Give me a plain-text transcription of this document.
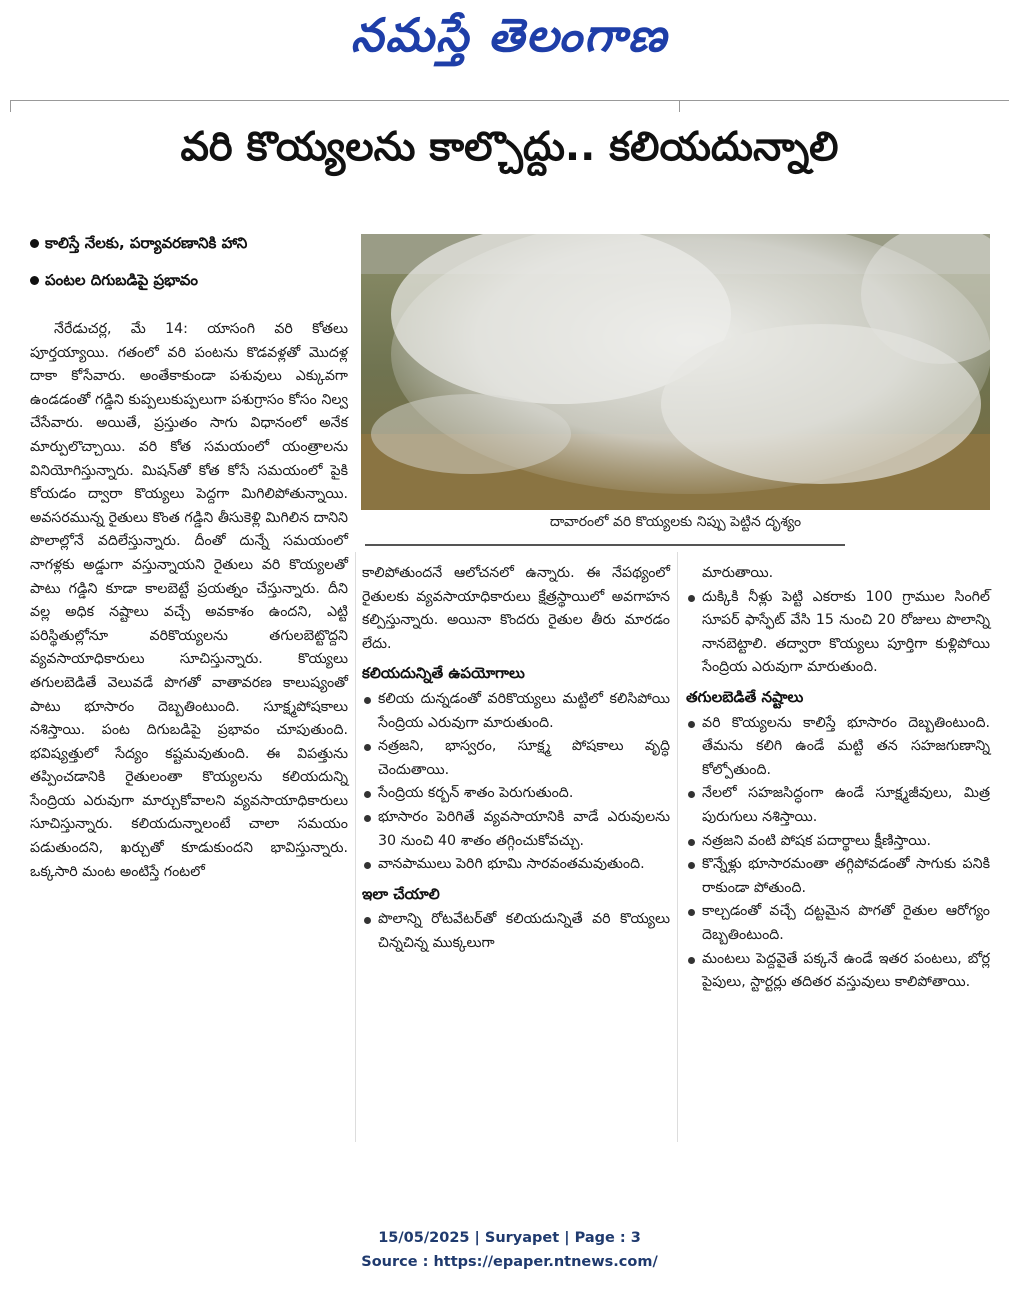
నమస్తే తెలంగాణ
వరి కొయ్యలను కాల్చొద్దు.. కలియదున్నాలి
కాలిస్తే నేలకు, పర్యావరణానికి హాని
పంటల దిగుబడిపై ప్రభావం
దావారంలో వరి కొయ్యలకు నిప్పు పెట్టిన దృశ్యం

నేరేడుచర్ల, మే 14: యాసంగి వరి కోతలు పూర్తయ్యాయి. గతంలో వరి పంటను కొడవళ్లతో మొదళ్ల దాకా కోసేవారు. అంతేకాకుండా పశువులు ఎక్కువగా ఉండడంతో గడ్డిని కుప్పలుకుప్పలుగా పశుగ్రాసం కోసం నిల్వ చేసేవారు. అయితే, ప్రస్తుతం సాగు విధానంలో అనేక మార్పులొచ్చాయి. వరి కోత సమయంలో యంత్రాలను వినియోగిస్తున్నారు. మిషన్‌తో కోత కోసే సమయంలో పైకి కోయడం ద్వారా కొయ్యలు పెద్దగా మిగిలిపోతున్నాయి. అవసరమున్న రైతులు కొంత గడ్డిని తీసుకెళ్లి మిగిలిన దానిని పొలాల్లోనే వదిలేస్తున్నారు. దీంతో దున్నే సమయంలో నాగళ్లకు అడ్డుగా వస్తున్నాయని రైతులు వరి కొయ్యలతో పాటు గడ్డిని కూడా కాలబెట్టే ప్రయత్నం చేస్తున్నారు. దీని వల్ల అధిక నష్టాలు వచ్చే అవకాశం ఉందని, ఎట్టి పరిస్థితుల్లోనూ వరికొయ్యలను తగులబెట్టొద్దని వ్యవసాయాధికారులు సూచిస్తున్నారు. కొయ్యలు తగులబెడితే వెలువడే పొగతో వాతావరణ కాలుష్యంతో పాటు భూసారం దెబ్బతింటుంది. సూక్ష్మపోషకాలు నశిస్తాయి. పంట దిగుబడిపై ప్రభావం చూపుతుంది. భవిష్యత్తులో సేద్యం కష్టమవుతుంది. ఈ విపత్తును తప్పించడానికి రైతులంతా కొయ్యలను కలియదున్ని సేంద్రియ ఎరువుగా మార్చుకోవాలని వ్యవసాయాధికారులు సూచిస్తున్నారు. కలియదున్నాలంటే చాలా సమయం పడుతుందని, ఖర్చుతో కూడుకుందని భావిస్తున్నారు. ఒక్కసారి మంట అంటిస్తే గంటలో

కాలిపోతుందనే ఆలోచనలో ఉన్నారు. ఈ నేపథ్యంలో రైతులకు వ్యవసాయాధికారులు క్షేత్రస్థాయిలో అవగాహన కల్పిస్తున్నారు. అయినా కొందరు రైతుల తీరు మారడం లేదు.

కలియదున్నితే ఉపయోగాలు
కలియ దున్నడంతో వరికొయ్యలు మట్టిలో కలిసిపోయి సేంద్రియ ఎరువుగా మారుతుంది.
నత్రజని, భాస్వరం, సూక్ష్మ పోషకాలు వృద్ధి చెందుతాయి.
సేంద్రియ కర్బన్ శాతం పెరుగుతుంది.
భూసారం పెరిగితే వ్యవసాయానికి వాడే ఎరువులను 30 నుంచి 40 శాతం తగ్గించుకోవచ్చు.
వానపాములు పెరిగి భూమి సారవంతమవుతుంది.
ఇలా చేయాలి
పొలాన్ని రోటవేటర్‌తో కలియదున్నితే వరి కొయ్యలు చిన్నచిన్న ముక్కలుగా

మారుతాయి.

దుక్కికి నీళ్లు పెట్టి ఎకరాకు 100 గ్రాముల సింగిల్ సూపర్ ఫాస్ఫేట్ వేసి 15 నుంచి 20 రోజులు పొలాన్ని నానబెట్టాలి. తద్వారా కొయ్యలు పూర్తిగా కుళ్లిపోయి సేంద్రియ ఎరువుగా మారుతుంది.
తగులబెడితే నష్టాలు
వరి కొయ్యలను కాలిస్తే భూసారం దెబ్బతింటుంది. తేమను కలిగి ఉండే మట్టి తన సహజగుణాన్ని కోల్పోతుంది.
నేలలో సహజసిద్ధంగా ఉండే సూక్ష్మజీవులు, మిత్ర పురుగులు నశిస్తాయి.
నత్రజని వంటి పోషక పదార్థాలు క్షీణిస్తాయి.
కొన్నేళ్లు భూసారమంతా తగ్గిపోవడంతో సాగుకు పనికి రాకుండా పోతుంది.
కాల్చడంతో వచ్చే దట్టమైన పొగతో రైతుల ఆరోగ్యం దెబ్బతింటుంది.
మంటలు పెద్దవైతే పక్కనే ఉండే ఇతర పంటలు, బోర్ల పైపులు, స్టార్టర్లు తదితర వస్తువులు కాలిపోతాయి.
15/05/2025 | Suryapet | Page : 3
Source : https://epaper.ntnews.com/
